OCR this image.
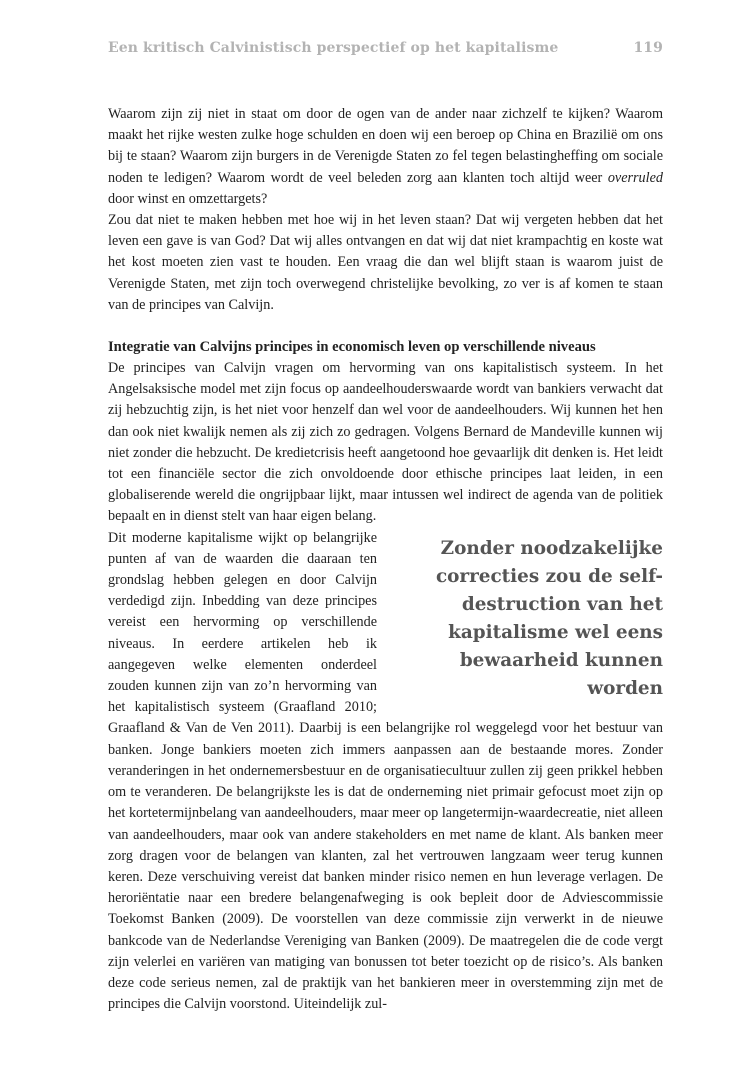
Een kritisch Calvinistisch perspectief op het kapitalisme	119

Waarom zijn zij niet in staat om door de ogen van de ander naar zichzelf te kijken? Waarom maakt het rijke westen zulke hoge schulden en doen wij een beroep op China en Brazilië om ons bij te staan? Waarom zijn burgers in de Verenigde Staten zo fel tegen belastingheffing om sociale noden te ledigen? Waarom wordt de veel beleden zorg aan klanten toch altijd weer overruled door winst en omzettargets?

Zou dat niet te maken hebben met hoe wij in het leven staan? Dat wij vergeten hebben dat het leven een gave is van God? Dat wij alles ontvangen en dat wij dat niet krampachtig en koste wat het kost moeten zien vast te houden. Een vraag die dan wel blijft staan is waarom juist de Verenigde Staten, met zijn toch overwegend christelijke bevolking, zo ver is af komen te staan van de principes van Calvijn.

Integratie van Calvijns principes in economisch leven op verschillende niveaus

De principes van Calvijn vragen om hervorming van ons kapitalistisch systeem. In het Angelsaksische model met zijn focus op aandeelhouderswaarde wordt van bankiers verwacht dat zij hebzuchtig zijn, is het niet voor henzelf dan wel voor de aandeelhouders. Wij kunnen het hen dan ook niet kwalijk nemen als zij zich zo gedragen. Volgens Bernard de Mandeville kunnen wij niet zonder die hebzucht. De kredietcrisis heeft aangetoond hoe gevaarlijk dit denken is. Het leidt tot een financiële sector die zich onvoldoende door ethische principes laat leiden, in een globaliserende wereld die ongrijpbaar lijkt, maar intussen wel indirect de agenda van de politiek bepaalt en in dienst stelt van haar eigen belang.

Zonder noodzakelijke correcties zou de self-destruction van het kapitalisme wel eens bewaarheid kunnen worden
Dit moderne kapitalisme wijkt op belangrijke punten af van de waarden die daaraan ten grondslag hebben gelegen en door Calvijn verdedigd zijn. Inbedding van deze principes vereist een hervorming op verschillende niveaus. In eerdere artikelen heb ik aangegeven welke elementen onderdeel zouden kunnen zijn van zo’n hervorming van het kapitalistisch systeem (Graafland 2010; Graafland & Van de Ven 2011). Daarbij is een belangrijke rol weggelegd voor het bestuur van banken. Jonge bankiers moeten zich immers aanpassen aan de bestaande mores. Zonder veranderingen in het ondernemersbestuur en de organisatiecultuur zullen zij geen prikkel hebben om te veranderen. De belangrijkste les is dat de onderneming niet primair gefocust moet zijn op het kortetermijnbelang van aandeelhouders, maar meer op langetermijn-waardecreatie, niet alleen van aandeelhouders, maar ook van andere stakeholders en met name de klant. Als banken meer zorg dragen voor de belangen van klanten, zal het vertrouwen langzaam weer terug kunnen keren. Deze verschuiving vereist dat banken minder risico nemen en hun leverage verlagen. De heroriëntatie naar een bredere belangenafweging is ook bepleit door de Adviescommissie Toekomst Banken (2009). De voorstellen van deze commissie zijn verwerkt in de nieuwe bankcode van de Nederlandse Vereniging van Banken (2009). De maatregelen die de code vergt zijn velerlei en variëren van matiging van bonussen tot beter toezicht op de risico’s. Als banken deze code serieus nemen, zal de praktijk van het bankieren meer in overstemming zijn met de principes die Calvijn voorstond. Uiteindelijk zul-
